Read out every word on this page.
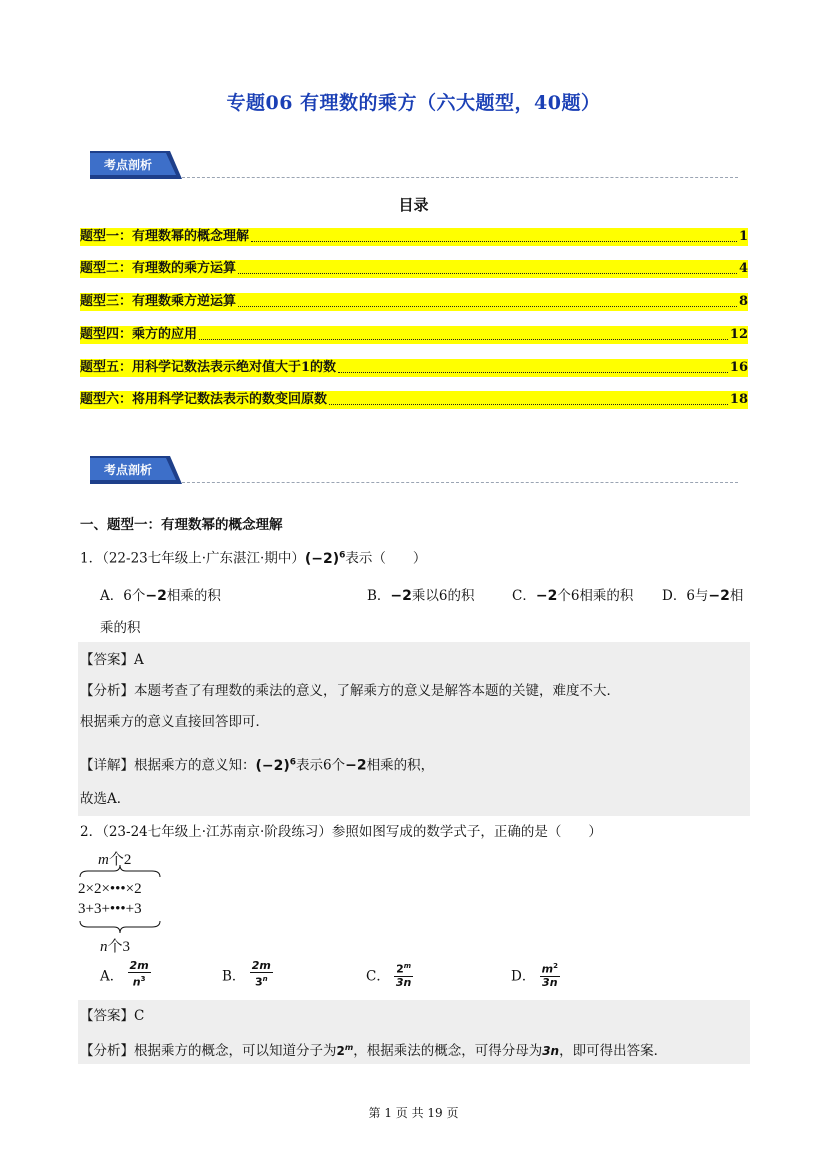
专题06 有理数的乘方（六大题型，40题）
考点剖析
目录
题型一：有理数幂的概念理解	1
题型二：有理数的乘方运算	4
题型三：有理数乘方逆运算	8
题型四：乘方的应用	12
题型五：用科学记数法表示绝对值大于1的数	16
题型六：将用科学记数法表示的数变回原数	18
考点剖析
一、题型一：有理数幂的概念理解
1．（22-23七年级上·广东湛江·期中）$(-2)^6$表示（　　）
A．6个−2相乘的积	B．−2乘以6的积	C．−2个6相乘的积 D．6与−2相
乘的积
【答案】A
【分析】本题考查了有理数的乘法的意义，了解乘方的意义是解答本题的关键，难度不大．
根据乘方的意义直接回答即可．
【详解】根据乘方的意义知：$(-2)^6$表示6个−2相乘的积，
故选A．
2．（23-24七年级上·江苏南京·阶段练习）参照如图写成的数学式子，正确的是（　　）
m个2
2×2×•••×2
3+3+•••+3
n个3
A． $\frac{2m}{n^3}$	B． $\frac{2m}{3^n}$	C． $\frac{2^m}{3n}$	D． $\frac{m^2}{3n}$
【答案】C
【分析】根据乘方的概念，可以知道分子为2$^m$，根据乘法的概念，可得分母为3n，即可得出答案．
第 1 页 共 19 页
